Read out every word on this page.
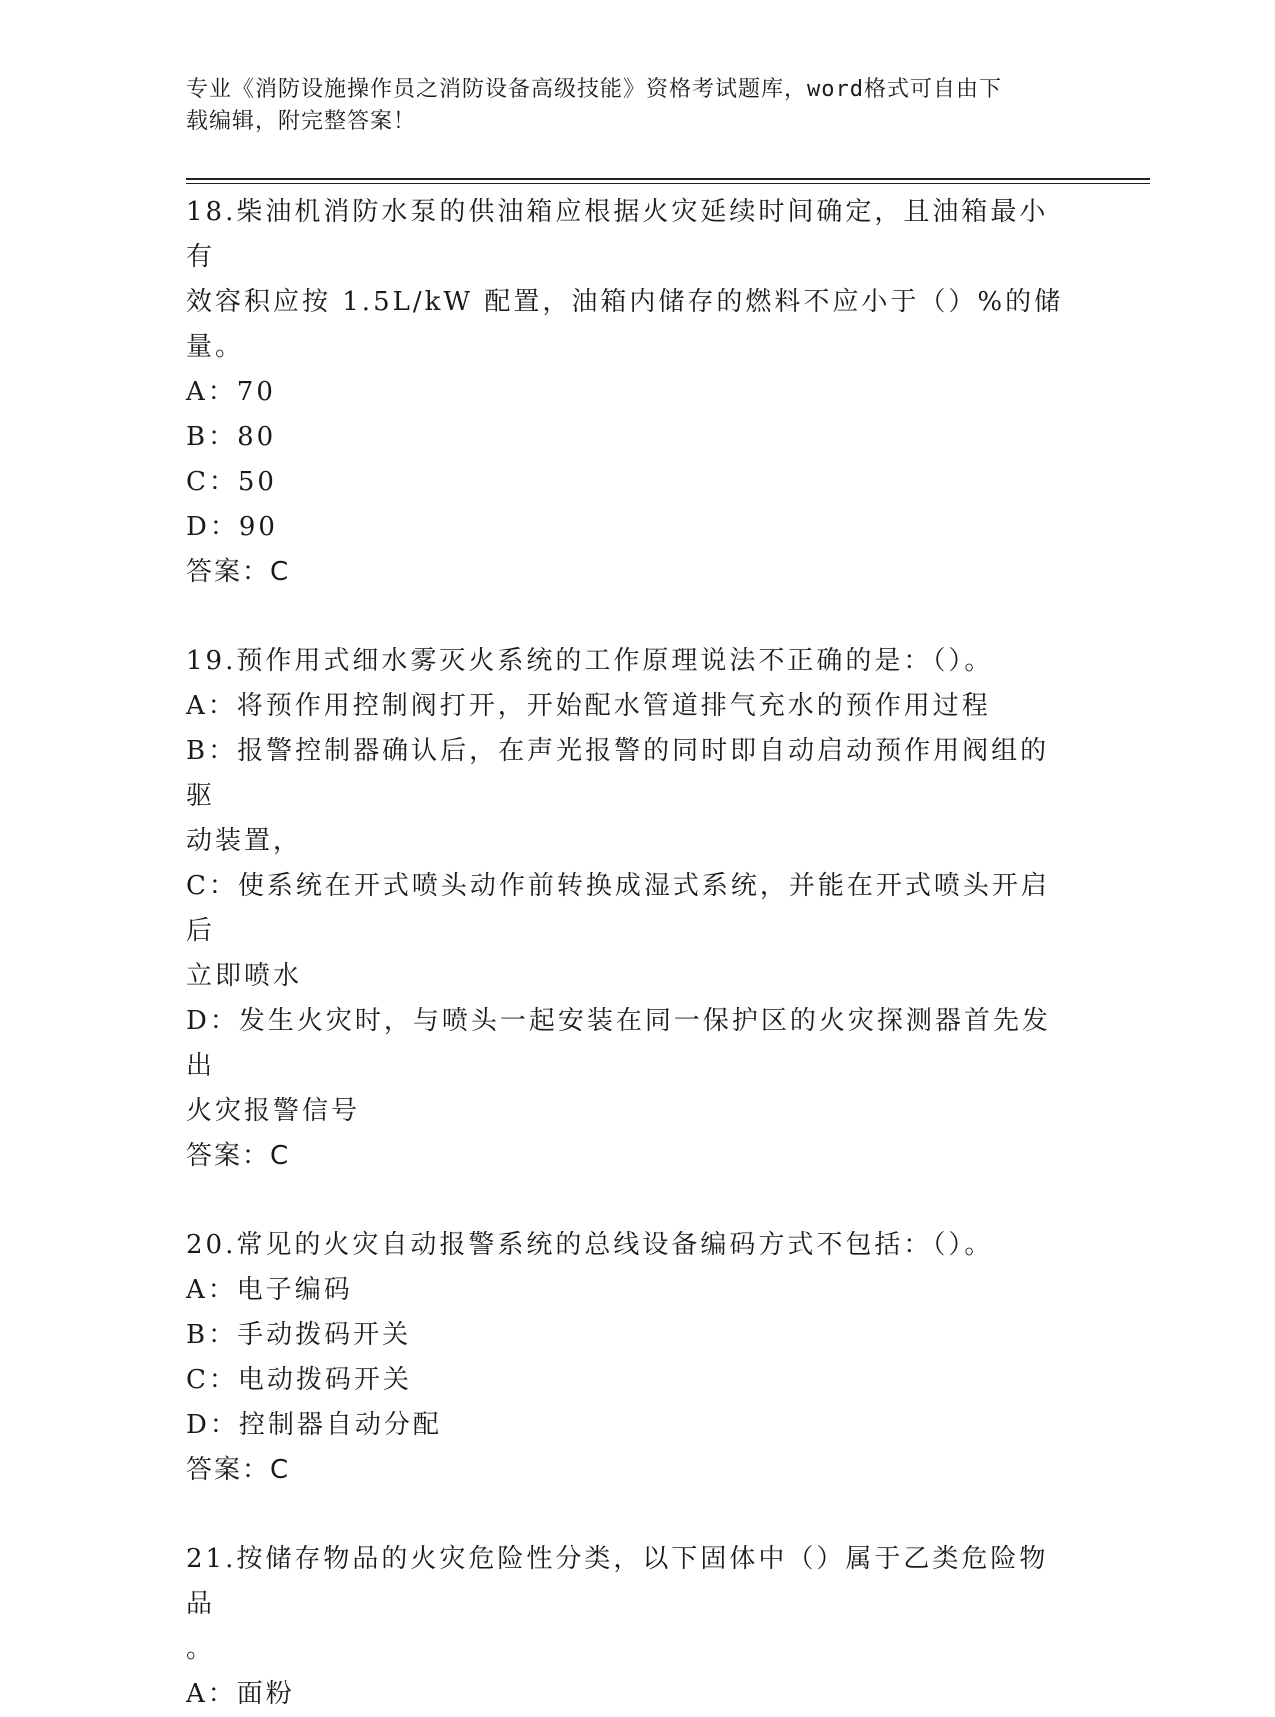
专业《消防设施操作员之消防设备高级技能》资格考试题库，word格式可自由下
载编辑，附完整答案！
18.柴油机消防水泵的供油箱应根据火灾延续时间确定，且油箱最小有
效容积应按 1.5L/kW 配置，油箱内储存的燃料不应小于（）%的储量。
A：70
B：80
C：50
D：90
答案：C
19.预作用式细水雾灭火系统的工作原理说法不正确的是：（）。
A：将预作用控制阀打开，开始配水管道排气充水的预作用过程
B：报警控制器确认后，在声光报警的同时即自动启动预作用阀组的驱
动装置，
C：使系统在开式喷头动作前转换成湿式系统，并能在开式喷头开启后
立即喷水
D：发生火灾时，与喷头一起安装在同一保护区的火灾探测器首先发出
火灾报警信号
答案：C
20.常见的火灾自动报警系统的总线设备编码方式不包括：（）。
A：电子编码
B：手动拨码开关
C：电动拨码开关
D：控制器自动分配
答案：C
21.按储存物品的火灾危险性分类，以下固体中（）属于乙类危险物品
。
A：面粉
